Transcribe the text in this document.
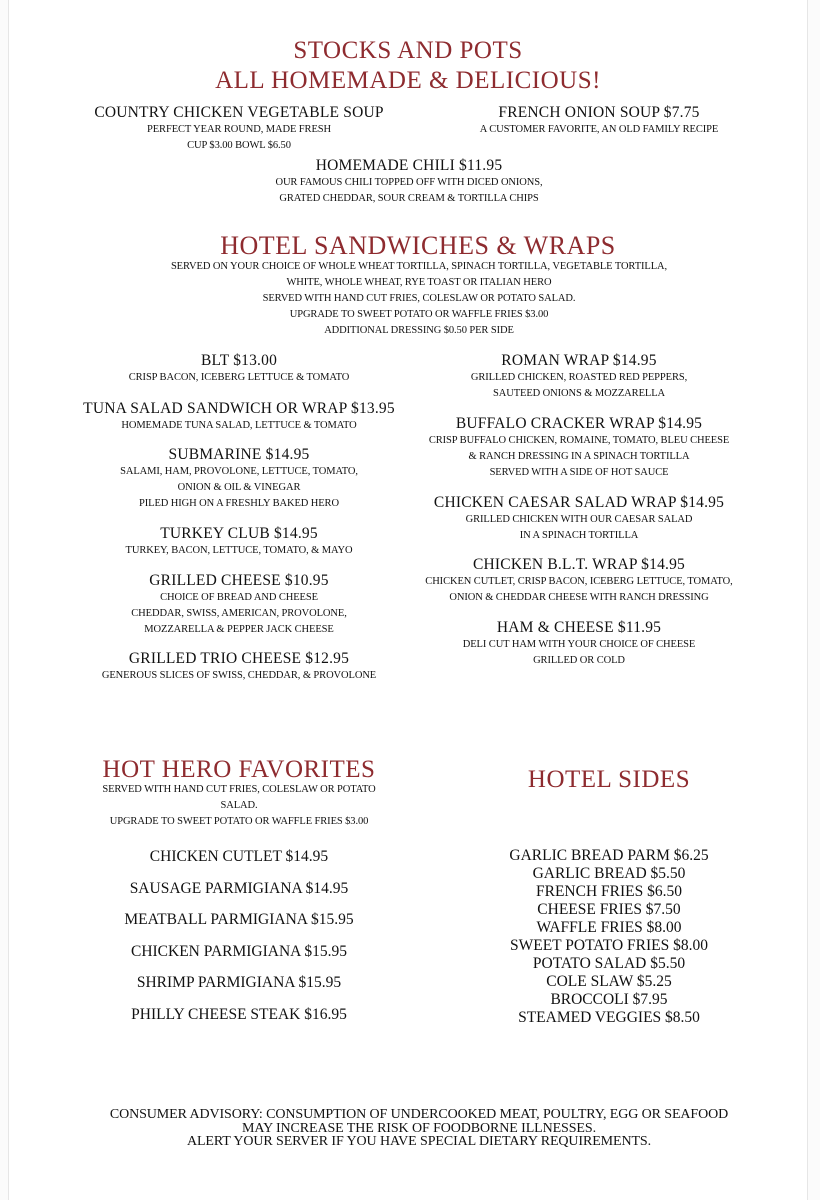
STOCKS AND POTS
ALL HOMEMADE & DELICIOUS!
COUNTRY CHICKEN VEGETABLE SOUP
PERFECT YEAR ROUND, MADE FRESH
CUP $3.00 BOWL $6.50
FRENCH ONION SOUP $7.75
A CUSTOMER FAVORITE, AN OLD FAMILY RECIPE
HOMEMADE CHILI $11.95
OUR FAMOUS CHILI TOPPED OFF WITH DICED ONIONS,
GRATED CHEDDAR, SOUR CREAM & TORTILLA CHIPS
HOTEL SANDWICHES & WRAPS
SERVED ON YOUR CHOICE OF WHOLE WHEAT TORTILLA, SPINACH TORTILLA, VEGETABLE TORTILLA,
WHITE, WHOLE WHEAT, RYE TOAST OR ITALIAN HERO
SERVED WITH HAND CUT FRIES, COLESLAW OR POTATO SALAD.
UPGRADE TO SWEET POTATO OR WAFFLE FRIES $3.00
ADDITIONAL DRESSING $0.50 PER SIDE
BLT $13.00
CRISP BACON, ICEBERG LETTUCE & TOMATO
TUNA SALAD SANDWICH OR WRAP $13.95
HOMEMADE TUNA SALAD, LETTUCE & TOMATO
SUBMARINE $14.95
SALAMI, HAM, PROVOLONE, LETTUCE, TOMATO,
ONION & OIL & VINEGAR
PILED HIGH ON A FRESHLY BAKED HERO
TURKEY CLUB $14.95
TURKEY, BACON, LETTUCE, TOMATO, & MAYO
GRILLED CHEESE $10.95
CHOICE OF BREAD AND CHEESE
CHEDDAR, SWISS, AMERICAN, PROVOLONE,
MOZZARELLA & PEPPER JACK CHEESE
GRILLED TRIO CHEESE $12.95
GENEROUS SLICES OF SWISS, CHEDDAR, & PROVOLONE
ROMAN WRAP $14.95
GRILLED CHICKEN, ROASTED RED PEPPERS,
SAUTEED ONIONS & MOZZARELLA
BUFFALO CRACKER WRAP $14.95
CRISP BUFFALO CHICKEN, ROMAINE, TOMATO, BLEU CHEESE
& RANCH DRESSING IN A SPINACH TORTILLA
SERVED WITH A SIDE OF HOT SAUCE
CHICKEN CAESAR SALAD WRAP $14.95
GRILLED CHICKEN WITH OUR CAESAR SALAD
IN A SPINACH TORTILLA
CHICKEN B.L.T. WRAP $14.95
CHICKEN CUTLET, CRISP BACON, ICEBERG LETTUCE, TOMATO,
ONION & CHEDDAR CHEESE WITH RANCH DRESSING
HAM & CHEESE $11.95
DELI CUT HAM WITH YOUR CHOICE OF CHEESE
GRILLED OR COLD
HOT HERO FAVORITES
SERVED WITH HAND CUT FRIES, COLESLAW OR POTATO SALAD.
UPGRADE TO SWEET POTATO OR WAFFLE FRIES $3.00
CHICKEN CUTLET $14.95
SAUSAGE PARMIGIANA $14.95
MEATBALL PARMIGIANA $15.95
CHICKEN PARMIGIANA $15.95
SHRIMP PARMIGIANA $15.95
PHILLY CHEESE STEAK $16.95
HOTEL SIDES
GARLIC BREAD PARM $6.25
GARLIC BREAD $5.50
FRENCH FRIES $6.50
CHEESE FRIES $7.50
WAFFLE FRIES $8.00
SWEET POTATO FRIES $8.00
POTATO SALAD $5.50
COLE SLAW $5.25
BROCCOLI $7.95
STEAMED VEGGIES $8.50
CONSUMER ADVISORY: CONSUMPTION OF UNDERCOOKED MEAT, POULTRY, EGG OR SEAFOOD
MAY INCREASE THE RISK OF FOODBORNE ILLNESSES.
ALERT YOUR SERVER IF YOU HAVE SPECIAL DIETARY REQUIREMENTS.
